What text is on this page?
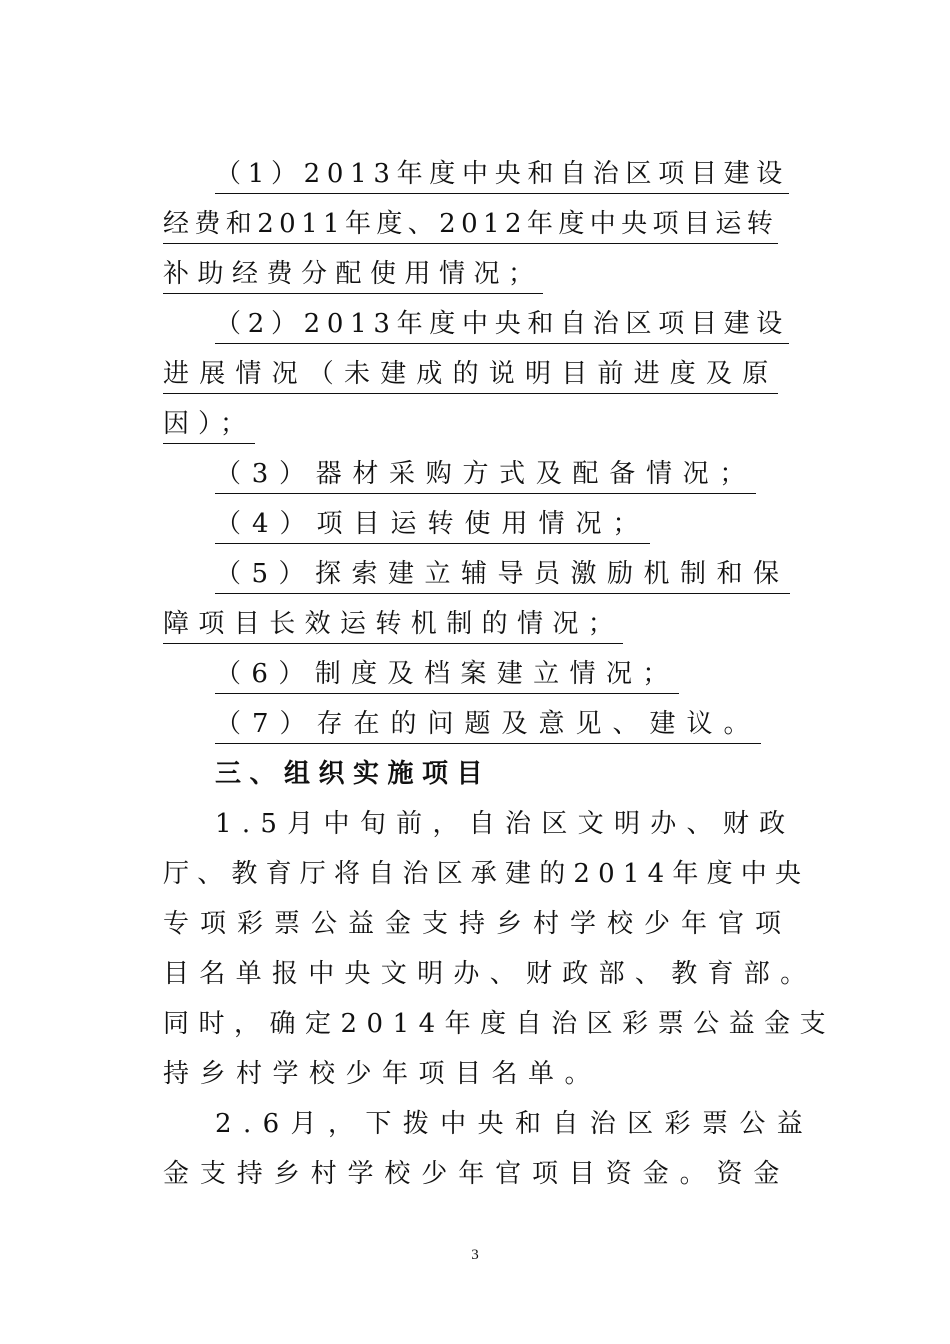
（1）2013年度中央和自治区项目建设
经费和2011年度、2012年度中央项目运转
补助经费分配使用情况；
（2）2013年度中央和自治区项目建设
进展情况（未建成的说明目前进度及原
因）；
（3）器材采购方式及配备情况；
（4）项目运转使用情况；
（5）探索建立辅导员激励机制和保
障项目长效运转机制的情况；
（6）制度及档案建立情况；
（7）存在的问题及意见、建议。
三、组织实施项目
1.5月中旬前，自治区文明办、财政
厅、教育厅将自治区承建的2014年度中央
专项彩票公益金支持乡村学校少年官项
目名单报中央文明办、财政部、教育部。
同时，确定2014年度自治区彩票公益金支
持乡村学校少年项目名单。
2.6月，下拨中央和自治区彩票公益
金支持乡村学校少年官项目资金。资金
3
